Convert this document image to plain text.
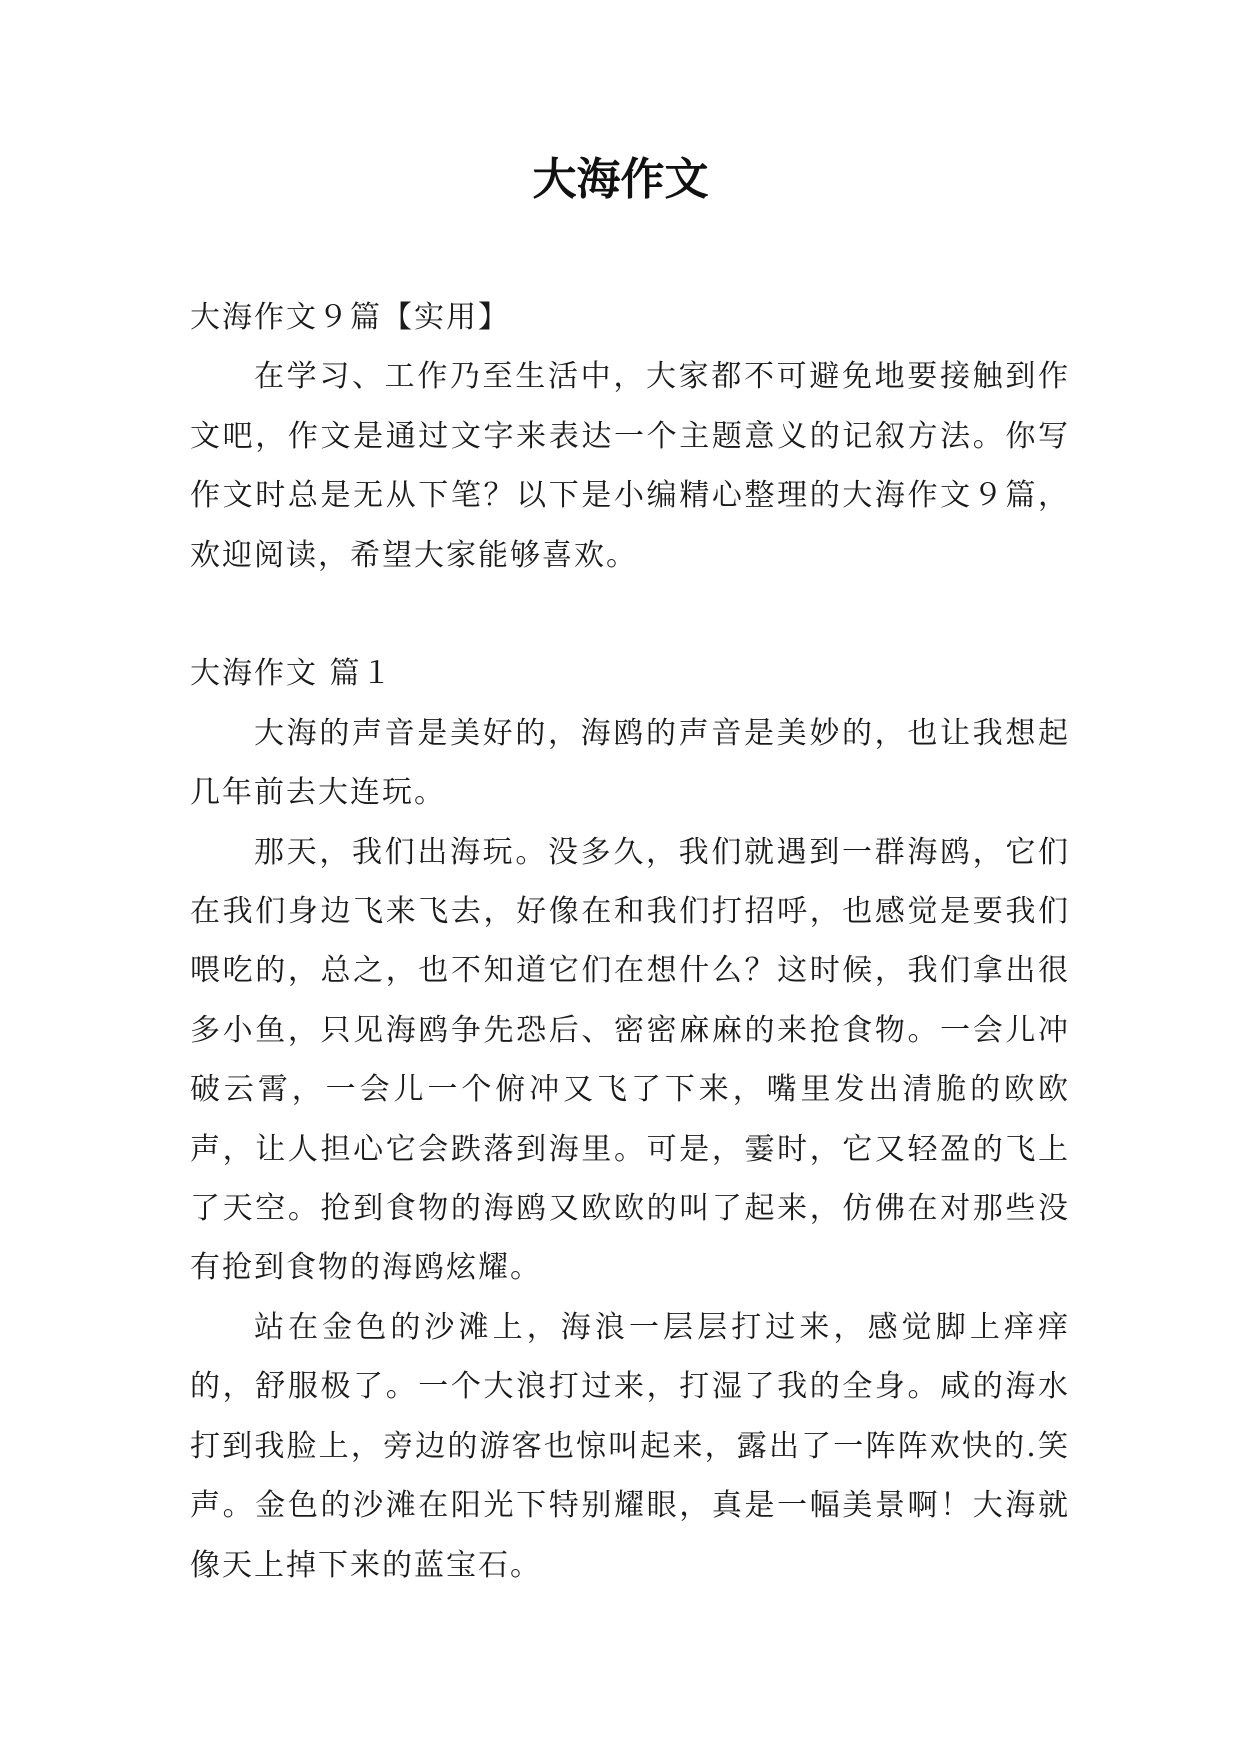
大海作文

大海作文９篇【实用】

在学习、工作乃至生活中，大家都不可避免地要接触到作文吧，作文是通过文字来表达一个主题意义的记叙方法。你写作文时总是无从下笔？以下是小编精心整理的大海作文９篇，欢迎阅读，希望大家能够喜欢。

大海作文 篇１

大海的声音是美好的，海鸥的声音是美妙的，也让我想起几年前去大连玩。

那天，我们出海玩。没多久，我们就遇到一群海鸥，它们在我们身边飞来飞去，好像在和我们打招呼，也感觉是要我们喂吃的，总之，也不知道它们在想什么？这时候，我们拿出很多小鱼，只见海鸥争先恐后、密密麻麻的来抢食物。一会儿冲破云霄，一会儿一个俯冲又飞了下来，嘴里发出清脆的欧欧声，让人担心它会跌落到海里。可是，霎时，它又轻盈的飞上了天空。抢到食物的海鸥又欧欧的叫了起来，仿佛在对那些没有抢到食物的海鸥炫耀。

站在金色的沙滩上，海浪一层层打过来，感觉脚上痒痒的，舒服极了。一个大浪打过来，打湿了我的全身。咸的海水打到我脸上，旁边的游客也惊叫起来，露出了一阵阵欢快的.笑声。金色的沙滩在阳光下特别耀眼，真是一幅美景啊！大海就像天上掉下来的蓝宝石。
